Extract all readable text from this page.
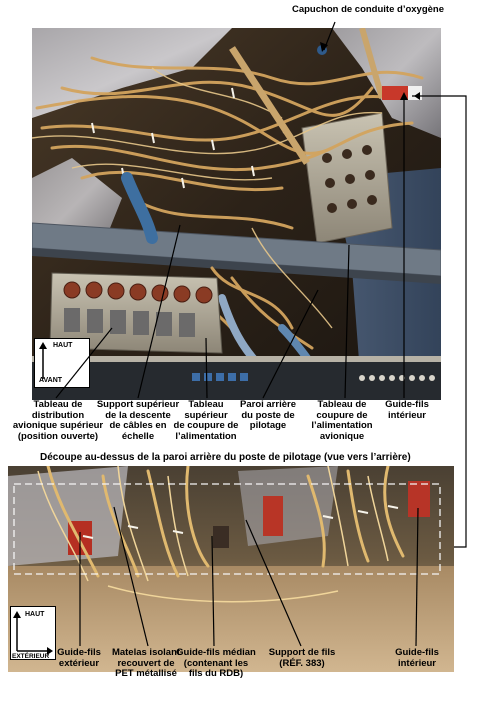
HAUT
AVANT
Découpe au-dessus de la paroi arrière du poste de pilotage (vue vers l’arrière)
HAUT
EXTÉRIEUR
Capuchon de conduite d’oxygène
Tableau de
distribution
avionique supérieur
(position ouverte)
Support supérieur
de la descente
de câbles en
échelle
Tableau
supérieur
de coupure de
l’alimentation
Paroi arrière
du poste de
pilotage
Tableau de
coupure de
l’alimentation
avionique
Guide-fils
intérieur
Guide-fils
extérieur
Matelas isolant
recouvert de
PET métallisé
Guide-fils médian
(contenant les
fils du RDB)
Support de fils
(RÉF. 383)
Guide-fils
intérieur
